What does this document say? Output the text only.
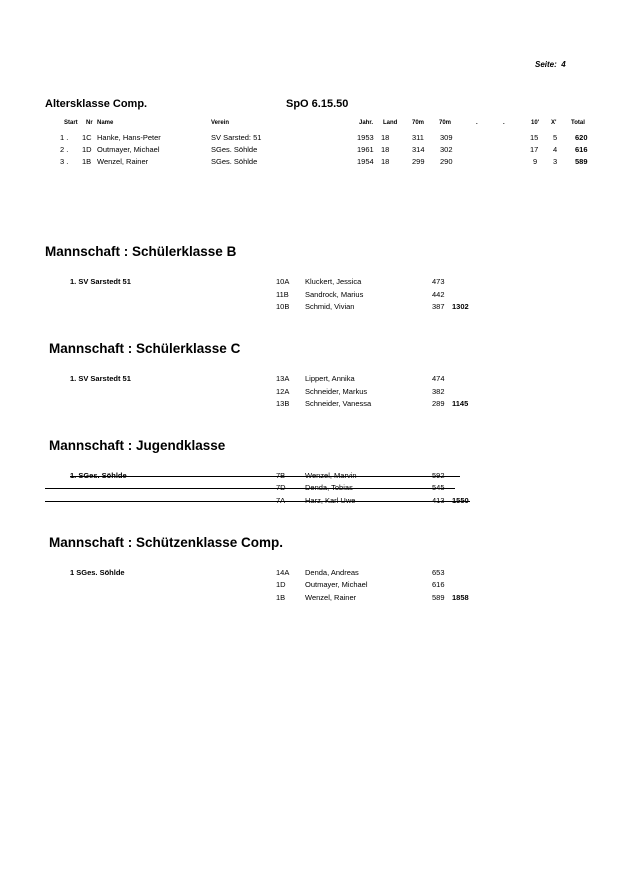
Seite: 4
Altersklasse Comp.	SpO 6.15.50
Start Nr Name	Verein	Jahr. Land 70m 70m	.	.	10' X' Total
1 . 1C Hanke, Hans-Peter	SV Sarsted: 51	1953 18	311 309	15 5 620
2 . 1D Outmayer, Michael	SGes. Söhlde	1961 18	314 302	17 4 616
3 . 1B Wenzel, Rainer	SGes. Söhlde	1954 18	299 290	9 3 589
Mannschaft : Schülerklasse B
1. SV Sarstedt 51	10A Kluckert, Jessica	473
11B Sandrock, Marius	442
10B Schmid, Vivian	387 1302
Mannschaft : Schülerklasse C
1. SV Sarstedt 51	13A Lippert, Annika	474
12A Schneider, Markus	382
13B Schneider, Vanessa	289 1145
Mannschaft : Jugendklasse
1. SGes. Söhlde	7B	Wenzel, Marvin	592
7D	Denda, Tobias	545
7A	Harz, Karl Uwe	413 1550
Mannschaft : Schützenklasse Comp.
1 SGes. Söhlde	14A Denda, Andreas	653
1D	Outmayer, Michael	616
1B	Wenzel, Rainer	589 1858
